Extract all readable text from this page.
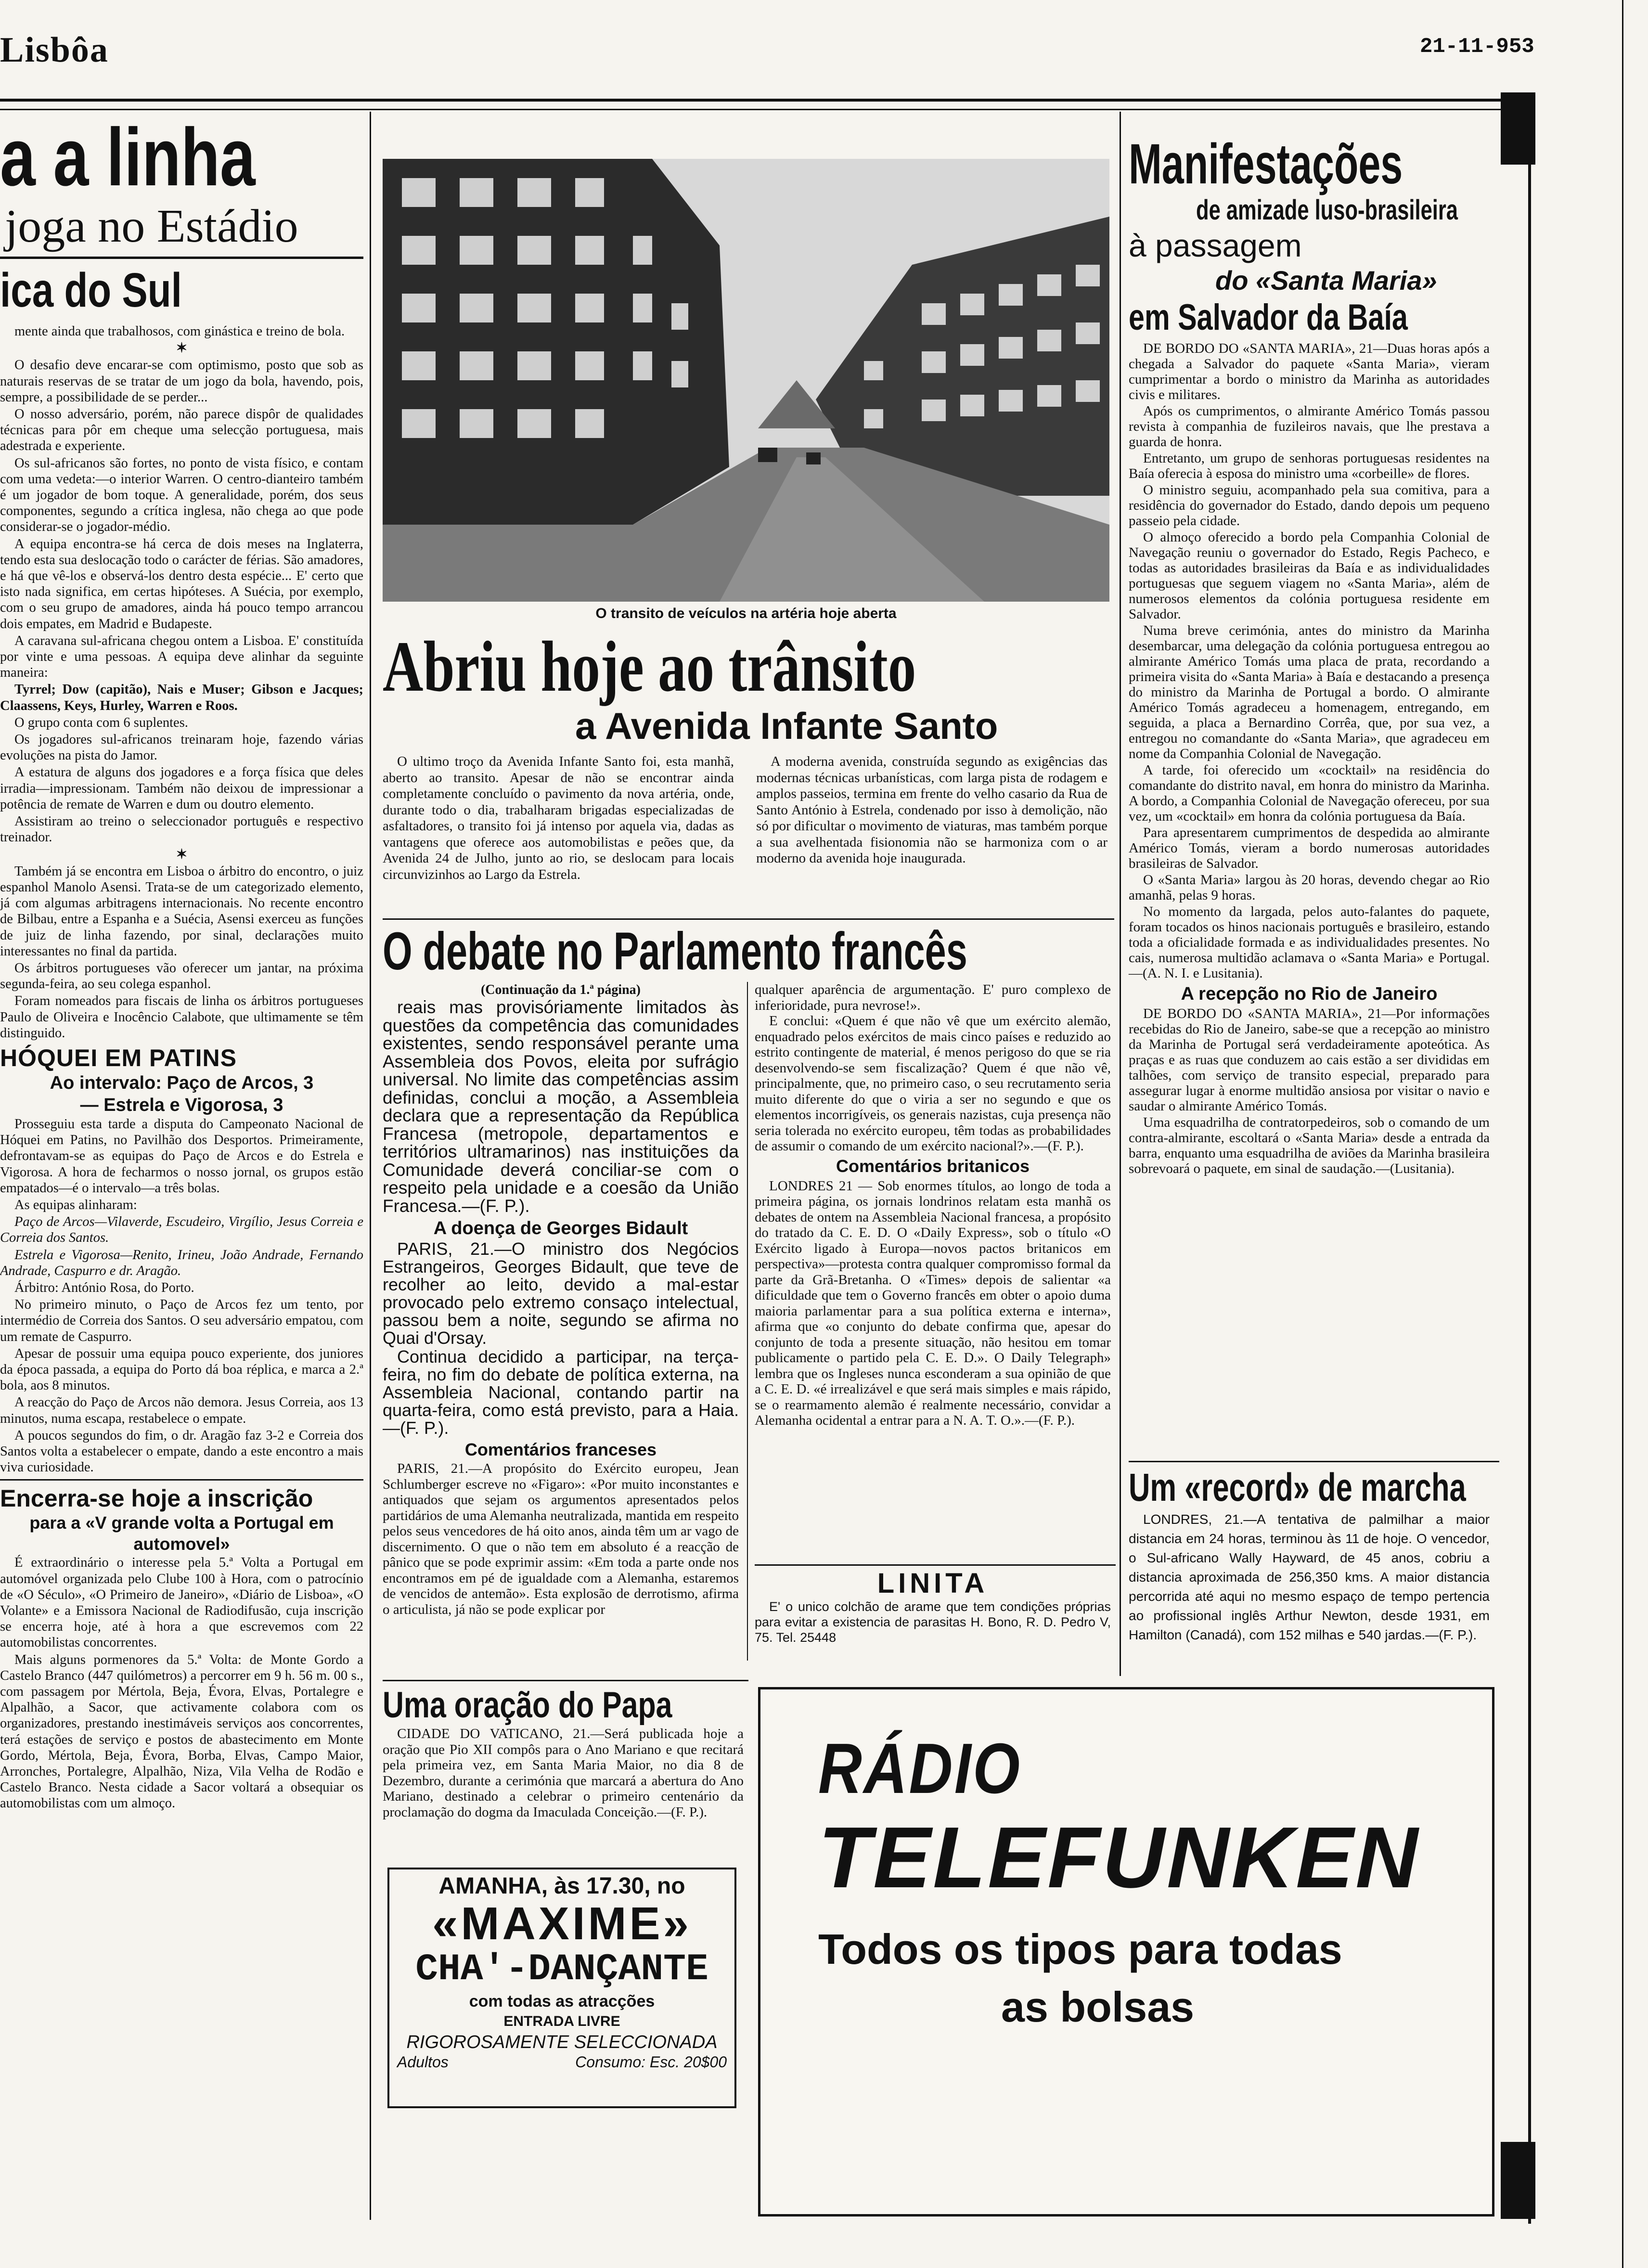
Lisbôa	21-11-953
a a linha
joga no Estádio
ica do Sul

mente ainda que trabalhosos, com ginástica e treino de bola.

✶

O desafio deve encarar-se com optimismo, posto que sob as naturais reservas de se tratar de um jogo da bola, havendo, pois, sempre, a possibilidade de se perder...

O nosso adversário, porém, não parece dispôr de qualidades técnicas para pôr em cheque uma selecção portuguesa, mais adestrada e experiente.

Os sul-africanos são fortes, no ponto de vista físico, e contam com uma vedeta:—o interior Warren. O centro-dianteiro também é um jogador de bom toque. A generalidade, porém, dos seus componentes, segundo a crítica inglesa, não chega ao que pode considerar-se o jogador-médio.

A equipa encontra-se há cerca de dois meses na Inglaterra, tendo esta sua deslocação todo o carácter de férias. São amadores, e há que vê-los e observá-los dentro desta espécie... E' certo que isto nada significa, em certas hipóteses. A Suécia, por exemplo, com o seu grupo de amadores, ainda há pouco tempo arrancou dois empates, em Madrid e Budapeste.

A caravana sul-africana chegou ontem a Lisboa. E' constituída por vinte e uma pessoas. A equipa deve alinhar da seguinte maneira:

Tyrrel; Dow (capitão), Nais e Muser; Gibson e Jacques; Claassens, Keys, Hurley, Warren e Roos.

O grupo conta com 6 suplentes.

Os jogadores sul-africanos treinaram hoje, fazendo várias evoluções na pista do Jamor.

A estatura de alguns dos jogadores e a força física que deles irradia—impressionam. Também não deixou de impressionar a potência de remate de Warren e dum ou doutro elemento.

Assistiram ao treino o seleccionador português e respectivo treinador.

✶

Também já se encontra em Lisboa o árbitro do encontro, o juiz espanhol Manolo Asensi. Trata-se de um categorizado elemento, já com algumas arbitragens internacionais. No recente encontro de Bilbau, entre a Espanha e a Suécia, Asensi exerceu as funções de juiz de linha fazendo, por sinal, declarações muito interessantes no final da partida.

Os árbitros portugueses vão oferecer um jantar, na próxima segunda-feira, ao seu colega espanhol.

Foram nomeados para fiscais de linha os árbitros portugueses Paulo de Oliveira e Inocêncio Calabote, que ultimamente se têm distinguido.

HÓQUEI EM PATINS
Ao intervalo: Paço de Arcos, 3
— Estrela e Vigorosa, 3

Prosseguiu esta tarde a disputa do Campeonato Nacional de Hóquei em Patins, no Pavilhão dos Desportos. Primeiramente, defrontavam-se as equipas do Paço de Arcos e do Estrela e Vigorosa. A hora de fecharmos o nosso jornal, os grupos estão empatados—é o intervalo—a três bolas.

As equipas alinharam:

Paço de Arcos—Vilaverde, Escudeiro, Virgílio, Jesus Correia e Correia dos Santos.

Estrela e Vigorosa—Renito, Irineu, João Andrade, Fernando Andrade, Caspurro e dr. Aragão.

Árbitro: António Rosa, do Porto.

No primeiro minuto, o Paço de Arcos fez um tento, por intermédio de Correia dos Santos. O seu adversário empatou, com um remate de Caspurro.

Apesar de possuir uma equipa pouco experiente, dos juniores da época passada, a equipa do Porto dá boa réplica, e marca a 2.ª bola, aos 8 minutos.

A reacção do Paço de Arcos não demora. Jesus Correia, aos 13 minutos, numa escapa, restabelece o empate.

A poucos segundos do fim, o dr. Aragão faz 3-2 e Correia dos Santos volta a estabelecer o empate, dando a este encontro a mais viva curiosidade.

Encerra-se hoje a inscrição
para a «V grande volta a Portugal em automovel»

É extraordinário o interesse pela 5.ª Volta a Portugal em automóvel organizada pelo Clube 100 à Hora, com o patrocínio de «O Século», «O Primeiro de Janeiro», «Diário de Lisboa», «O Volante» e a Emissora Nacional de Radiodifusão, cuja inscrição se encerra hoje, até à hora a que escrevemos com 22 automobilistas concorrentes.

Mais alguns pormenores da 5.ª Volta: de Monte Gordo a Castelo Branco (447 quilómetros) a percorrer em 9 h. 56 m. 00 s., com passagem por Mértola, Beja, Évora, Elvas, Portalegre e Alpalhão, a Sacor, que activamente colabora com os organizadores, prestando inestimáveis serviços aos concorrentes, terá estações de serviço e postos de abastecimento em Monte Gordo, Mértola, Beja, Évora, Borba, Elvas, Campo Maior, Arronches, Portalegre, Alpalhão, Niza, Vila Velha de Rodão e Castelo Branco. Nesta cidade a Sacor voltará a obsequiar os automobilistas com um almoço.

O transito de veículos na artéria hoje aberta
Abriu hoje ao trânsito
a Avenida Infante Santo
O ultimo troço da Avenida Infante Santo foi, esta manhã, aberto ao transito. Apesar de não se encontrar ainda completamente concluído o pavimento da nova artéria, onde, durante todo o dia, trabalharam brigadas especializadas de asfaltadores, o transito foi já intenso por aquela via, dadas as vantagens que oferece aos automobilistas e peões que, da Avenida 24 de Julho, junto ao rio, se deslocam para locais circunvizinhos ao Largo da Estrela.
A moderna avenida, construída segundo as exigências das modernas técnicas urbanísticas, com larga pista de rodagem e amplos passeios, termina em frente do velho casario da Rua de Santo António à Estrela, condenado por isso à demolição, não só por dificultar o movimento de viaturas, mas também porque a sua avelhentada fisionomia não se harmoniza com o ar moderno da avenida hoje inaugurada.
O debate no Parlamento francês
(Continuação da 1.ª página)
reais mas provisóriamente limitados às questões da competência das comunidades existentes, sendo responsável perante uma Assembleia dos Povos, eleita por sufrágio universal. No limite das competências assim definidas, conclui a moção, a Assembleia declara que a representação da República Francesa (metropole, departamentos e territórios ultramarinos) nas instituições da Comunidade deverá conciliar-se com o respeito pela unidade e a coesão da União Francesa.—(F. P.).
A doença de Georges Bidault

PARIS, 21.—O ministro dos Negócios Estrangeiros, Georges Bidault, que teve de recolher ao leito, devido a mal-estar provocado pelo extremo consaço intelectual, passou bem a noite, segundo se afirma no Quai d'Orsay.

Continua decidido a participar, na terça-feira, no fim do debate de política externa, na Assembleia Nacional, contando partir na quarta-feira, como está previsto, para a Haia.—(F. P.).

Comentários franceses
PARIS, 21.—A propósito do Exército europeu, Jean Schlumberger escreve no «Figaro»: «Por muito inconstantes e antiquados que sejam os argumentos apresentados pelos partidários de uma Alemanha neutralizada, mantida em respeito pelos seus vencedores de há oito anos, ainda têm um ar vago de discernimento. O que o não tem em absoluto é a reacção de pânico que se pode exprimir assim: «Em toda a parte onde nos encontramos em pé de igualdade com a Alemanha, estaremos de vencidos de antemão». Esta explosão de derrotismo, afirma o articulista, já não se pode explicar por
qualquer aparência de argumentação. E' puro complexo de inferioridade, pura nevrose!».
E conclui: «Quem é que não vê que um exército alemão, enquadrado pelos exércitos de mais cinco países e reduzido ao estrito contingente de material, é menos perigoso do que se ria desenvolvendo-se sem fiscalização? Quem é que não vê, principalmente, que, no primeiro caso, o seu recrutamento seria muito diferente do que o viria a ser no segundo e que os elementos incorrigíveis, os generais nazistas, cuja presença não seria tolerada no exército europeu, têm todas as probabilidades de assumir o comando de um exército nacional?».—(F. P.).
Comentários britanicos
LONDRES 21 — Sob enormes títulos, ao longo de toda a primeira página, os jornais londrinos relatam esta manhã os debates de ontem na Assembleia Nacional francesa, a propósito do tratado da C. E. D. O «Daily Express», sob o título «O Exército ligado à Europa—novos pactos britanicos em perspectiva»—protesta contra qualquer compromisso formal da parte da Grã-Bretanha. O «Times» depois de salientar «a dificuldade que tem o Governo francês em obter o apoio duma maioria parlamentar para a sua política externa e interna», afirma que «o conjunto do debate confirma que, apesar do conjunto de toda a presente situação, não hesitou em tomar publicamente o partido pela C. E. D.». O Daily Telegraph» lembra que os Ingleses nunca esconderam a sua opinião de que a C. E. D. «é irrealizável e que será mais simples e mais rápido, se o rearmamento alemão é realmente necessário, convidar a Alemanha ocidental a entrar para a N. A. T. O.».—(F. P.).
LINITA
E' o unico colchão de arame que tem condições próprias para evitar a existencia de parasitas H. Bono, R. D. Pedro V, 75. Tel. 25448
Uma oração do Papa
CIDADE DO VATICANO, 21.—Será publicada hoje a oração que Pio XII compôs para o Ano Mariano e que recitará pela primeira vez, em Santa Maria Maior, no dia 8 de Dezembro, durante a cerimónia que marcará a abertura do Ano Mariano, destinado a celebrar o primeiro centenário da proclamação do dogma da Imaculada Conceição.—(F. P.).
AMANHA, às 17.30, no
«MAXIME»
CHA'-DANÇANTE
com todas as atracções
ENTRADA LIVRE
RIGOROSAMENTE SELECCIONADA
Adultos	Consumo: Esc. 20$00
Manifestações
de amizade luso-brasileira
à passagem
do «Santa Maria»
em Salvador da Baía

DE BORDO DO «SANTA MARIA», 21—Duas horas após a chegada a Salvador do paquete «Santa Maria», vieram cumprimentar a bordo o ministro da Marinha as autoridades civis e militares.

Após os cumprimentos, o almirante Américo Tomás passou revista à companhia de fuzileiros navais, que lhe prestava a guarda de honra.

Entretanto, um grupo de senhoras portuguesas residentes na Baía oferecia à esposa do ministro uma «corbeille» de flores.

O ministro seguiu, acompanhado pela sua comitiva, para a residência do governador do Estado, dando depois um pequeno passeio pela cidade.

O almoço oferecido a bordo pela Companhia Colonial de Navegação reuniu o governador do Estado, Regis Pacheco, e todas as autoridades brasileiras da Baía e as individualidades portuguesas que seguem viagem no «Santa Maria», além de numerosos elementos da colónia portuguesa residente em Salvador.

Numa breve cerimónia, antes do ministro da Marinha desembarcar, uma delegação da colónia portuguesa entregou ao almirante Américo Tomás uma placa de prata, recordando a primeira visita do «Santa Maria» à Baía e destacando a presença do ministro da Marinha de Portugal a bordo. O almirante Américo Tomás agradeceu a homenagem, entregando, em seguida, a placa a Bernardino Corrêa, que, por sua vez, a entregou no comandante do «Santa Maria», que agradeceu em nome da Companhia Colonial de Navegação.

A tarde, foi oferecido um «cocktail» na residência do comandante do distrito naval, em honra do ministro da Marinha. A bordo, a Companhia Colonial de Navegação ofereceu, por sua vez, um «cocktail» em honra da colónia portuguesa da Baía.

Para apresentarem cumprimentos de despedida ao almirante Américo Tomás, vieram a bordo numerosas autoridades brasileiras de Salvador.

O «Santa Maria» largou às 20 horas, devendo chegar ao Rio amanhã, pelas 9 horas.

No momento da largada, pelos auto-falantes do paquete, foram tocados os hinos nacionais português e brasileiro, estando toda a oficialidade formada e as individualidades presentes. No cais, numerosa multidão aclamava o «Santa Maria» e Portugal.—(A. N. I. e Lusitania).

A recepção no Rio de Janeiro

DE BORDO DO «SANTA MARIA», 21—Por informações recebidas do Rio de Janeiro, sabe-se que a recepção ao ministro da Marinha de Portugal será verdadeiramente apoteótica. As praças e as ruas que conduzem ao cais estão a ser divididas em talhões, com serviço de transito especial, preparado para assegurar lugar à enorme multidão ansiosa por visitar o navio e saudar o almirante Américo Tomás.

Uma esquadrilha de contratorpedeiros, sob o comando de um contra-almirante, escoltará o «Santa Maria» desde a entrada da barra, enquanto uma esquadrilha de aviões da Marinha brasileira sobrevoará o paquete, em sinal de saudação.—(Lusitania).

Um «record» de marcha
LONDRES, 21.—A tentativa de palmilhar a maior distancia em 24 horas, terminou às 11 de hoje. O vencedor, o Sul-africano Wally Hayward, de 45 anos, cobriu a distancia aproximada de 256,350 kms. A maior distancia percorrida até aqui no mesmo espaço de tempo pertencia ao profissional inglês Arthur Newton, desde 1931, em Hamilton (Canadá), com 152 milhas e 540 jardas.—(F. P.).
RÁDIO
TELEFUNKEN
Todos os tipos para todas
as bolsas
